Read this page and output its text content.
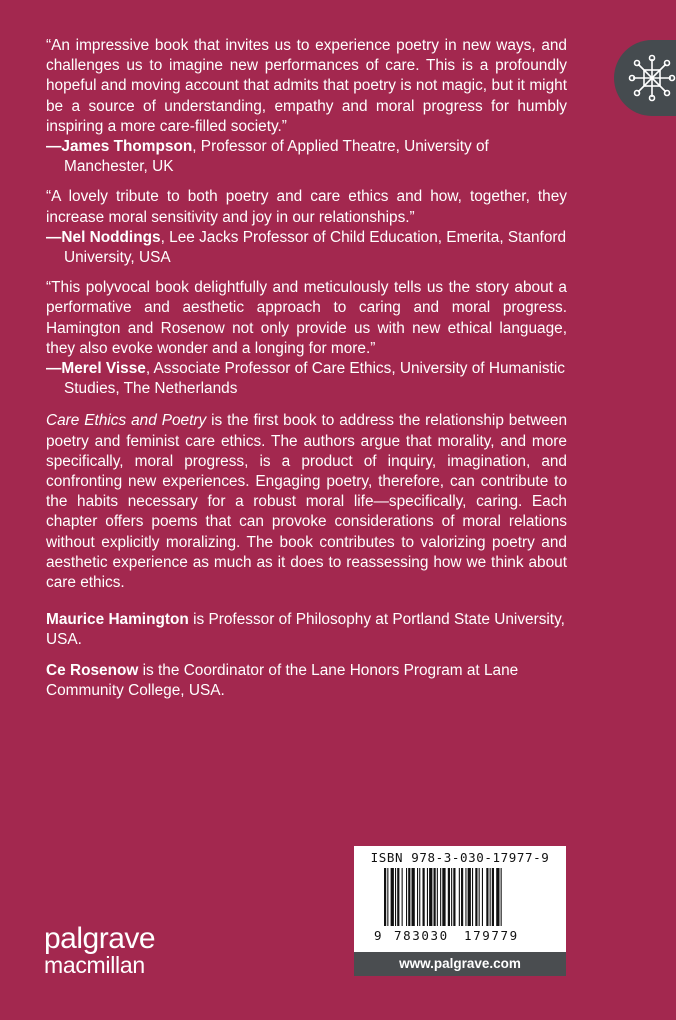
“An impressive book that invites us to experience poetry in new ways, and challenges us to imagine new performances of care. This is a profoundly hopeful and moving account that admits that poetry is not magic, but it might be a source of understanding, empathy and moral progress for humbly inspiring a more care-filled society.”

—James Thompson, Professor of Applied Theatre, University of Manchester, UK

“A lovely tribute to both poetry and care ethics and how, together, they increase moral sensitivity and joy in our relationships.”

—Nel Noddings, Lee Jacks Professor of Child Education, Emerita, Stanford University, USA

“This polyvocal book delightfully and meticulously tells us the story about a performative and aesthetic approach to caring and moral progress. Hamington and Rosenow not only provide us with new ethical language, they also evoke wonder and a longing for more.”

—Merel Visse, Associate Professor of Care Ethics, University of Humanistic Studies, The Netherlands

Care Ethics and Poetry is the first book to address the relationship between poetry and feminist care ethics. The authors argue that morality, and more specifically, moral progress, is a product of inquiry, imagination, and confronting new experiences. Engaging poetry, therefore, can contribute to the habits necessary for a robust moral life—specifically, caring. Each chapter offers poems that can provoke considerations of moral relations without explicitly moralizing. The book contributes to valorizing poetry and aesthetic experience as much as it does to reassessing how we think about care ethics.

Maurice Hamington is Professor of Philosophy at Portland State University, USA.

Ce Rosenow is the Coordinator of the Lane Honors Program at Lane Community College, USA.

ISBN 978-3-030-17977-9
9 783030 179779
www.palgrave.com
palgrave
macmillan
